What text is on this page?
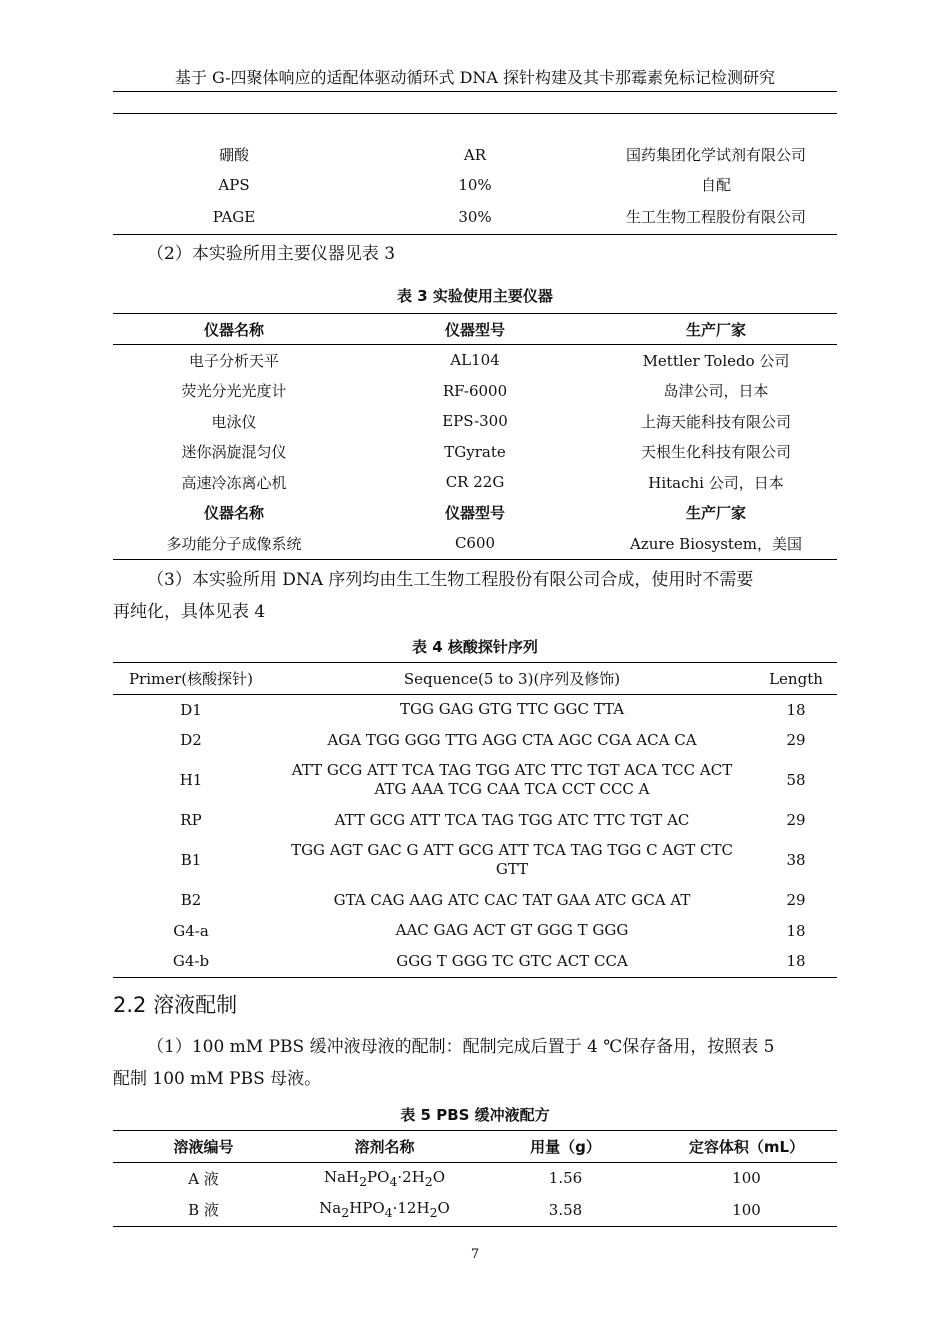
基于 G-四聚体响应的适配体驱动循环式 DNA 探针构建及其卡那霉素免标记检测研究

硼酸	AR	国药集团化学试剂有限公司
APS	10%	自配
PAGE	30%	生工生物工程股份有限公司
（2）本实验所用主要仪器见表 3
表 3 实验使用主要仪器
仪器名称	仪器型号	生产厂家
电子分析天平	AL104	Mettler Toledo 公司
荧光分光光度计	RF-6000	岛津公司，日本
电泳仪	EPS-300	上海天能科技有限公司
迷你涡旋混匀仪	TGyrate	天根生化科技有限公司
高速冷冻离心机	CR 22G	Hitachi 公司，日本
仪器名称	仪器型号	生产厂家
多功能分子成像系统	C600	Azure Biosystem，美国
（3）本实验所用 DNA 序列均由生工生物工程股份有限公司合成，使用时不需要
再纯化，具体见表 4
表 4 核酸探针序列
Primer(核酸探针)	Sequence(5 to 3)(序列及修饰)	Length
D1	TGG GAG GTG TTC GGC TTA	18
D2	AGA TGG GGG TTG AGG CTA AGC CGA ACA CA	29
H1	ATT GCG ATT TCA TAG TGG ATC TTC TGT ACA TCC ACT
ATG AAA TCG CAA TCA CCT CCC A	58
RP	ATT GCG ATT TCA TAG TGG ATC TTC TGT AC	29
B1	TGG AGT GAC G ATT GCG ATT TCA TAG TGG C AGT CTC
GTT	38
B2	GTA CAG AAG ATC CAC TAT GAA ATC GCA AT	29
G4-a	AAC GAG ACT GT GGG T GGG	18
G4-b	GGG T GGG TC GTC ACT CCA	18
2.2 溶液配制
（1）100 mM PBS 缓冲液母液的配制：配制完成后置于 4 ℃保存备用，按照表 5
配制 100 mM PBS 母液。
表 5 PBS 缓冲液配方
溶液编号	溶剂名称	用量（g）	定容体积（mL）
A 液	$NaH_2PO_4\cdot 2H_2O$	1.56	100
B 液	$Na_2HPO_4\cdot 12H_2O$	3.58	100
7
